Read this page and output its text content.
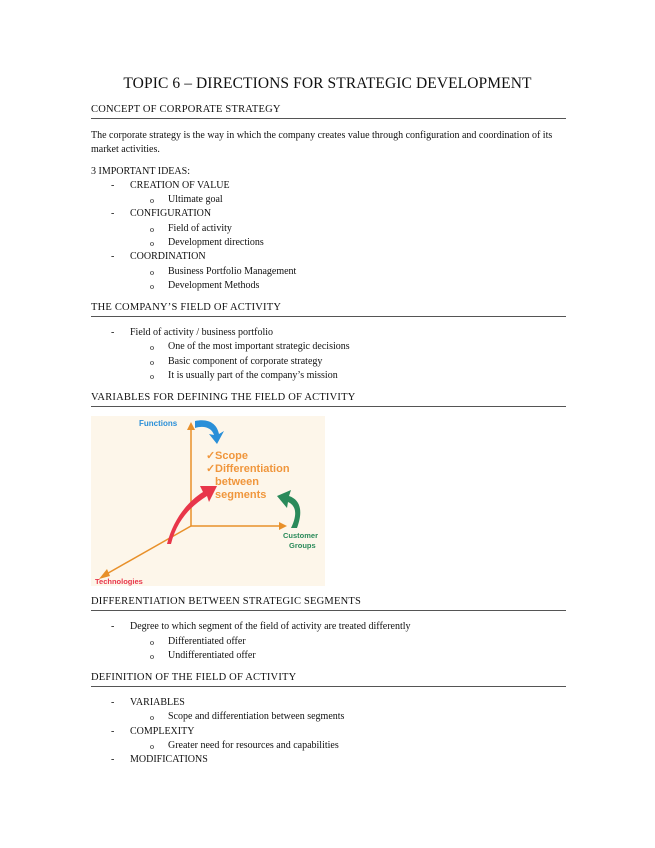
TOPIC 6 – DIRECTIONS FOR STRATEGIC DEVELOPMENT
CONCEPT OF CORPORATE STRATEGY
The corporate strategy is the way in which the company creates value through configuration and coordination of its market activities.
3 IMPORTANT IDEAS:
- CREATION OF VALUE
o Ultimate goal
- CONFIGURATION
o Field of activity
o Development directions
- COORDINATION
o Business Portfolio Management
o Development Methods
THE COMPANY’S FIELD OF ACTIVITY
- Field of activity / business portfolio
o One of the most important strategic decisions
o Basic component of corporate strategy
o It is usually part of the company’s mission
VARIABLES FOR DEFINING THE FIELD OF ACTIVITY
Functions
✓ Scope
✓ Differentiation
between
segments
Customer
Groups
Technologies
DIFFERENTIATION BETWEEN STRATEGIC SEGMENTS
- Degree to which segment of the field of activity are treated differently
o Differentiated offer
o Undifferentiated offer
DEFINITION OF THE FIELD OF ACTIVITY
- VARIABLES
o Scope and differentiation between segments
- COMPLEXITY
o Greater need for resources and capabilities
- MODIFICATIONS
